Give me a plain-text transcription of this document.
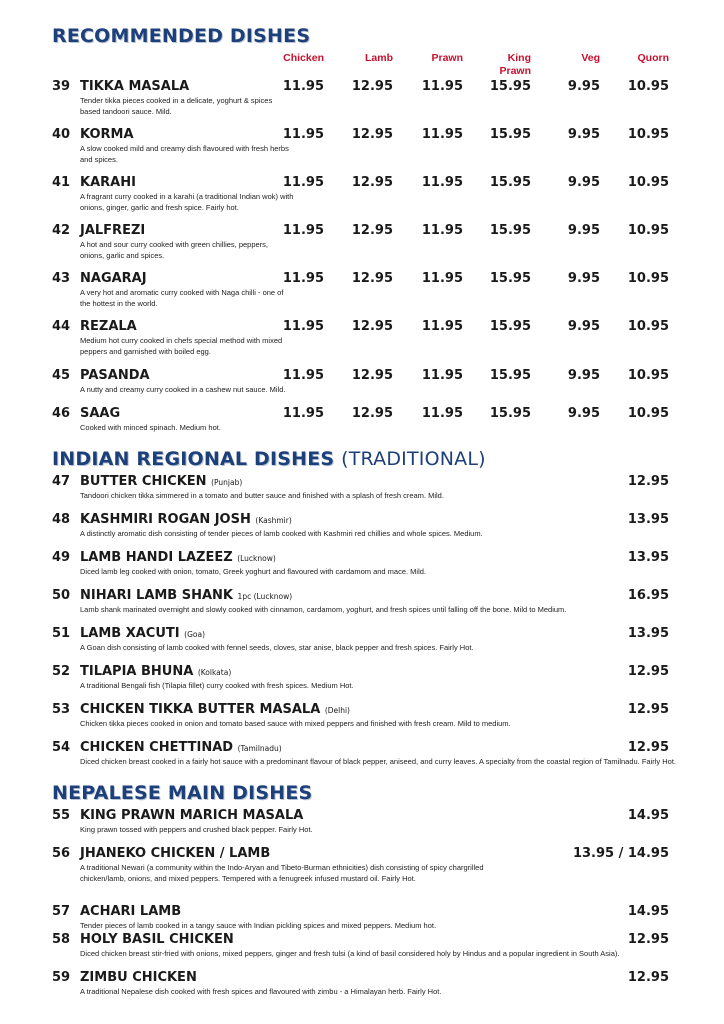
RECOMMENDED DISHES
Chicken	Lamb	Prawn	King
Prawn
Veg	Quorn
39 TIKKA MASALA
Tender tikka pieces cooked in a delicate, yoghurt & spices based tandoori sauce. Mild.
11.95	12.95	11.95	15.95	9.95	10.95
40 KORMA
A slow cooked mild and creamy dish flavoured with fresh herbs and spices.
11.95	12.95	11.95	15.95	9.95	10.95
41 KARAHI
A fragrant curry cooked in a karahi (a traditional Indian wok) with onions, ginger, garlic and fresh spice. Fairly hot.
11.95	12.95	11.95	15.95	9.95	10.95
42 JALFREZI
A hot and sour curry cooked with green chillies, peppers, onions, garlic and spices.
11.95	12.95	11.95	15.95	9.95	10.95
43 NAGARAJ
A very hot and aromatic curry cooked with Naga chilli - one of the hottest in the world.
11.95	12.95	11.95	15.95	9.95	10.95
44 REZALA
Medium hot curry cooked in chefs special method with mixed peppers and garnished with boiled egg.
11.95	12.95	11.95	15.95	9.95	10.95
45 PASANDA
A nutty and creamy curry cooked in a cashew nut sauce. Mild.
11.95	12.95	11.95	15.95	9.95	10.95
46 SAAG
Cooked with minced spinach. Medium hot.
11.95	12.95	11.95	15.95	9.95	10.95
INDIAN REGIONAL DISHES (TRADITIONAL)
47 BUTTER CHICKEN (Punjab)
Tandoori chicken tikka simmered in a tomato and butter sauce and finished with a splash of fresh cream. Mild.
12.95
48 KASHMIRI ROGAN JOSH (Kashmir)
A distinctly aromatic dish consisting of tender pieces of lamb cooked with Kashmiri red chillies and whole spices. Medium.
13.95
49 LAMB HANDI LAZEEZ (Lucknow)
Diced lamb leg cooked with onion, tomato, Greek yoghurt and flavoured with cardamom and mace. Mild.
13.95
50 NIHARI LAMB SHANK 1pc (Lucknow)
Lamb shank marinated overnight and slowly cooked with cinnamon, cardamom, yoghurt, and fresh spices until falling off the bone. Mild to Medium.
16.95
51 LAMB XACUTI (Goa)
A Goan dish consisting of lamb cooked with fennel seeds, cloves, star anise, black pepper and fresh spices. Fairly Hot.
13.95
52 TILAPIA BHUNA (Kolkata)
A traditional Bengali fish (Tilapia fillet) curry cooked with fresh spices. Medium Hot.
12.95
53 CHICKEN TIKKA BUTTER MASALA (Delhi)
Chicken tikka pieces cooked in onion and tomato based sauce with mixed peppers and finished with fresh cream. Mild to medium.
12.95
54 CHICKEN CHETTINAD (Tamilnadu)
Diced chicken breast cooked in a fairly hot sauce with a predominant flavour of black pepper, aniseed, and curry leaves. A specialty from the coastal region of Tamilnadu. Fairly Hot.
12.95
NEPALESE MAIN DISHES
55 KING PRAWN MARICH MASALA
King prawn tossed with peppers and crushed black pepper. Fairly Hot.
14.95
56 JHANEKO CHICKEN / LAMB
A traditional Newari (a community within the Indo-Aryan and Tibeto-Burman ethnicities) dish consisting of spicy chargrilled chicken/lamb, onions, and mixed peppers. Tempered with a fenugreek infused mustard oil. Fairly Hot.
13.95 / 14.95
57 ACHARI LAMB
Tender pieces of lamb cooked in a tangy sauce with Indian pickling spices and mixed peppers. Medium hot.
14.95
58 HOLY BASIL CHICKEN
Diced chicken breast stir-fried with onions, mixed peppers, ginger and fresh tulsi (a kind of basil considered holy by Hindus and a popular ingredient in South Asia).
12.95
59 ZIMBU CHICKEN
A traditional Nepalese dish cooked with fresh spices and flavoured with zimbu - a Himalayan herb. Fairly Hot.
12.95
